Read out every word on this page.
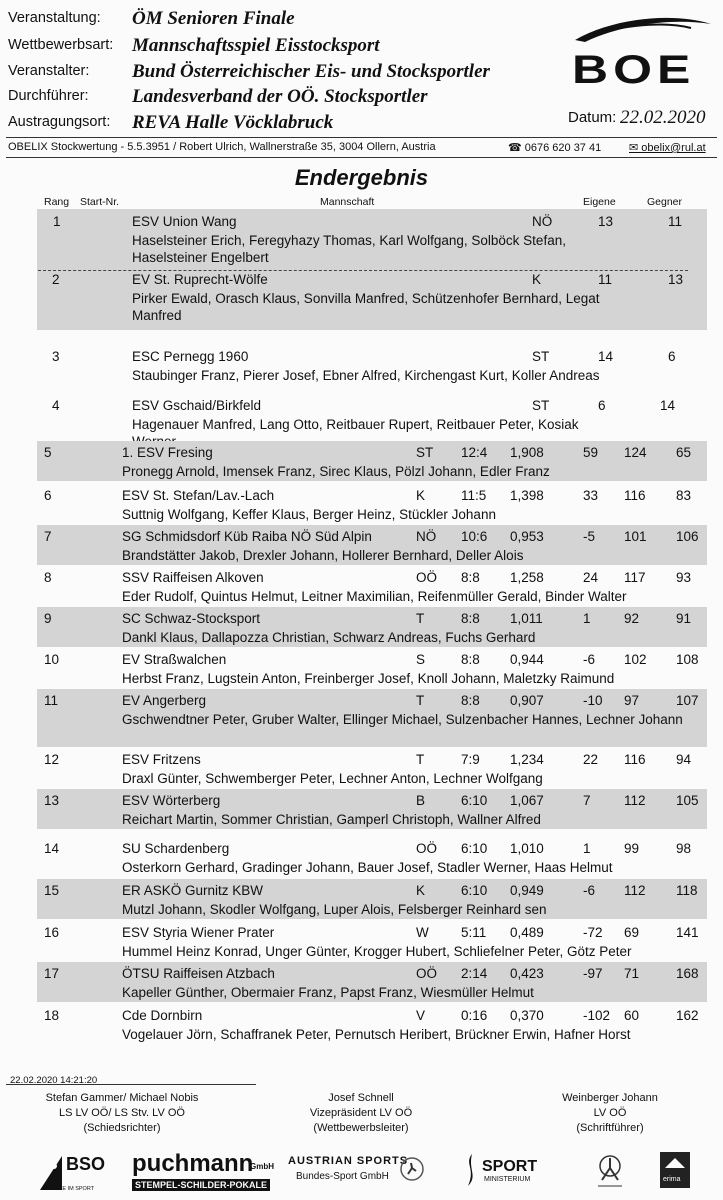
Veranstaltung: ÖM Senioren Finale
Wettbewerbsart: Mannschaftsspiel Eisstocksport
Veranstalter: Bund Österreichischer Eis- und Stocksportler
Durchführer: Landesverband der OÖ. Stocksportler
Austragungsort: REVA Halle Vöcklabruck
BOE
Datum: 22.02.2020
OBELIX Stockwertung - 5.5.3951 / Robert Ulrich, Wallnerstraße 35, 3004 Ollern, Austria	☎ 0676 620 37 41	✉ obelix@rul.at
Endergebnis
Rang Start-Nr.	Mannschaft	Eigene	Gegner
1	ESV Union Wang	NÖ	13	11
Haselsteiner Erich, Feregyhazy Thomas, Karl Wolfgang, Solböck Stefan, Haselsteiner Engelbert
2	EV St. Ruprecht-Wölfe	K	11	13
Pirker Ewald, Orasch Klaus, Sonvilla Manfred, Schützenhofer Bernhard, Legat Manfred
3	ESC Pernegg 1960	ST	14	6
Staubinger Franz, Pierer Josef, Ebner Alfred, Kirchengast Kurt, Koller Andreas
4	ESV Gschaid/Birkfeld	ST	6	14
Hagenauer Manfred, Lang Otto, Reitbauer Rupert, Reitbauer Peter, Kosiak
5	1. ESV Fresing	ST 12:4 1,908	59 124 65
Pronegg Arnold, Imensek Franz, Sirec Klaus, Pölzl Johann, Edler Franz
6	ESV St. Stefan/Lav.-Lach	K	11:5 1,398	33 116 83
Suttnig Wolfgang, Keffer Klaus, Berger Heinz, Stückler Johann
7	SG Schmidsdorf Küb Raiba NÖ Süd Alpin	NÖ 10:6 0,953	-5 101 106
Brandstätter Jakob, Drexler Johann, Hollerer Bernhard, Deller Alois
8	SSV Raiffeisen Alkoven	OÖ 8:8 1,258	24 117 93
Eder Rudolf, Quintus Helmut, Leitner Maximilian, Reifenmüller Gerald, Binder Walter
9	SC Schwaz-Stocksport	T	8:8 1,011	1 92	91
Dankl Klaus, Dallapozza Christian, Schwarz Andreas, Fuchs Gerhard
10	EV Straßwalchen	S	8:8 0,944	-6 102 108
Herbst Franz, Lugstein Anton, Freinberger Josef, Knoll Johann, Maletzky Raimund
11	EV Angerberg	T	8:8 0,907	-10 97	107
Gschwendtner Peter, Gruber Walter, Ellinger Michael, Sulzenbacher Hannes, Lechner Johann
12	ESV Fritzens	T	7:9 1,234	22 116 94
Draxl Günter, Schwemberger Peter, Lechner Anton, Lechner Wolfgang
13	ESV Wörterberg	B	6:10 1,067	7 112 105
Reichart Martin, Sommer Christian, Gamperl Christoph, Wallner Alfred
14	SU Schardenberg	OÖ 6:10 1,010	1 99	98
Osterkorn Gerhard, Gradinger Johann, Bauer Josef, Stadler Werner, Haas Helmut
15	ER ASKÖ Gurnitz KBW	K	6:10 0,949	-6 112 118
Mutzl Johann, Skodler Wolfgang, Luper Alois, Felsberger Reinhard sen
16	ESV Styria Wiener Prater	W 5:11 0,489	-72 69	141
Hummel Heinz Konrad, Unger Günter, Krogger Hubert, Schliefelner Peter, Götz Peter
17	ÖTSU Raiffeisen Atzbach	OÖ 2:14 0,423	-97 71	168
Kapeller Günther, Obermaier Franz, Papst Franz, Wiesmüller Helmut
18	Cde Dornbirn	V	0:16 0,370	-102 60	162
Vogelauer Jörn, Schaffranek Peter, Pernutsch Heribert, Brückner Erwin, Hafner Horst
22.02.2020 14:21:20
Stefan Gammer/ Michael Nobis
LS LV OÖ/ LS Stv. LV OÖ
(Schiedsrichter)
Josef Schnell
Vizepräsident LV OÖ
(Wettbewerbsleiter)
Weinberger Johann
LV OÖ
(Schriftführer)
BSO
SERVICE IM SPORT
puchmann
GmbH
STEMPEL-SCHILDER-POKALE
AUSTRIAN SPORTS
Bundes-Sport GmbH
SPORT
MINISTERIUM	erima
